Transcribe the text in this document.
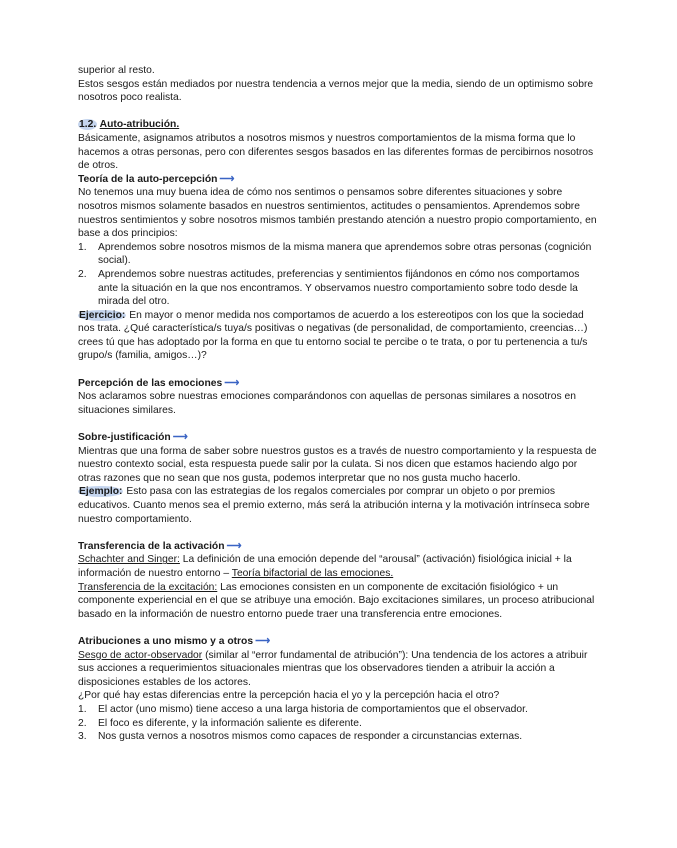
superior al resto.

Estos sesgos están mediados por nuestra tendencia a vernos mejor que la media, siendo de un optimismo sobre nosotros poco realista.

1.2. Auto-atribución.

Básicamente, asignamos atributos a nosotros mismos y nuestros comportamientos de la misma forma que lo hacemos a otras personas, pero con diferentes sesgos basados en las diferentes formas de percibirnos nosotros de otros.

Teoría de la auto-percepción ⟶

No tenemos una muy buena idea de cómo nos sentimos o pensamos sobre diferentes situaciones y sobre nosotros mismos solamente basados en nuestros sentimientos, actitudes o pensamientos. Aprendemos sobre nuestros sentimientos y sobre nosotros mismos también prestando atención a nuestro propio comportamiento, en base a dos principios:

1. Aprendemos sobre nosotros mismos de la misma manera que aprendemos sobre otras personas (cognición social).
2. Aprendemos sobre nuestras actitudes, preferencias y sentimientos fijándonos en cómo nos comportamos ante la situación en la que nos encontramos. Y observamos nuestro comportamiento sobre todo desde la mirada del otro.

Ejercicio: En mayor o menor medida nos comportamos de acuerdo a los estereotipos con los que la sociedad nos trata. ¿Qué característica/s tuya/s positivas o negativas (de personalidad, de comportamiento, creencias…) crees tú que has adoptado por la forma en que tu entorno social te percibe o te trata, o por tu pertenencia a tu/s grupo/s (familia, amigos…)?

Percepción de las emociones ⟶

Nos aclaramos sobre nuestras emociones comparándonos con aquellas de personas similares a nosotros en situaciones similares.

Sobre-justificación ⟶

Mientras que una forma de saber sobre nuestros gustos es a través de nuestro comportamiento y la respuesta de nuestro contexto social, esta respuesta puede salir por la culata. Si nos dicen que estamos haciendo algo por otras razones que no sean que nos gusta, podemos interpretar que no nos gusta mucho hacerlo.

Ejemplo: Esto pasa con las estrategias de los regalos comerciales por comprar un objeto o por premios educativos. Cuanto menos sea el premio externo, más será la atribución interna y la motivación intrínseca sobre nuestro comportamiento.

Transferencia de la activación ⟶

Schachter and Singer: La definición de una emoción depende del “arousal” (activación) fisiológica inicial + la información de nuestro entorno – Teoría bifactorial de las emociones.

Transferencia de la excitación: Las emociones consisten en un componente de excitación fisiológico + un componente experiencial en el que se atribuye una emoción. Bajo excitaciones similares, un proceso atribucional basado en la información de nuestro entorno puede traer una transferencia entre emociones.

Atribuciones a uno mismo y a otros ⟶

Sesgo de actor-observador (similar al “error fundamental de atribución”): Una tendencia de los actores a atribuir sus acciones a requerimientos situacionales mientras que los observadores tienden a atribuir la acción a disposiciones estables de los actores.

¿Por qué hay estas diferencias entre la percepción hacia el yo y la percepción hacia el otro?

1. El actor (uno mismo) tiene acceso a una larga historia de comportamientos que el observador.
2. El foco es diferente, y la información saliente es diferente.
3. Nos gusta vernos a nosotros mismos como capaces de responder a circunstancias externas.
